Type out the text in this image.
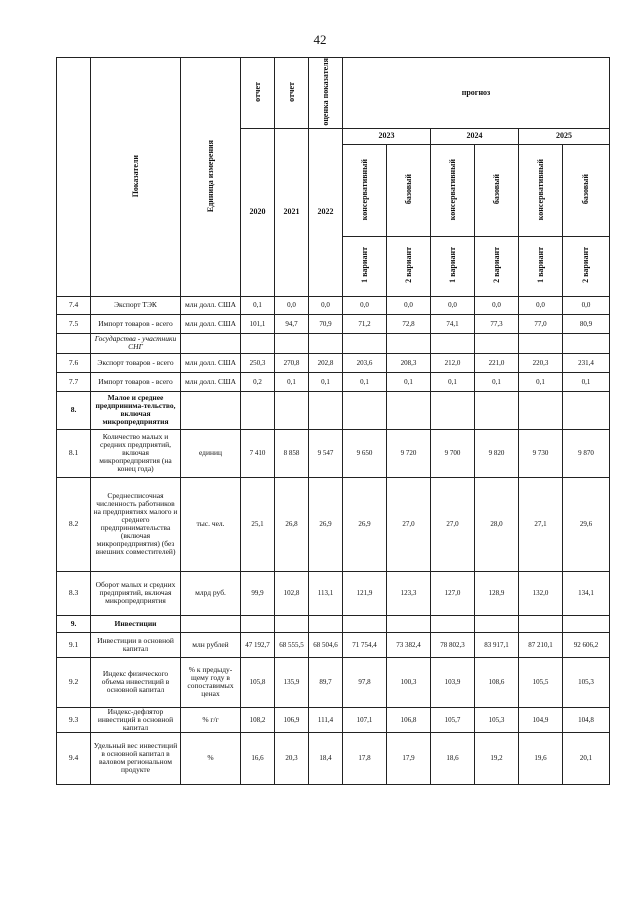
42
	Показатели	Единица измерения	отчет	отчет	оценка показателя	прогноз					
			2020	2021	2022	2023		2024		2025	
						консервативный	базовый	консервативный	базовый	консервативный	базовый
						1 вариант	2 вариант	1 вариант	2 вариант	1 вариант	2 вариант
7.4	Экспорт ТЭК	млн долл. США	0,1	0,0	0,0	0,0	0,0	0,0	0,0	0,0	0,0
7.5	Импорт товаров - всего	млн долл. США	101,1	94,7	70,9	71,2	72,8	74,1	77,3	77,0	80,9
	Государства - участники СНГ										
7.6	Экспорт товаров - всего	млн долл. США	250,3	270,8	202,8	203,6	208,3	212,0	221,0	220,3	231,4
7.7	Импорт товаров - всего	млн долл. США	0,2	0,1	0,1	0,1	0,1	0,1	0,1	0,1	0,1
8.	Малое и среднее предпринима-тельство, включая микропредприятия										
8.1	Количество малых и средних предприятий, включая микропредприятия (на конец года)	единиц	7 410	8 858	9 547	9 650	9 720	9 700	9 820	9 730	9 870
8.2	Среднесписочная численность работников на предприятиях малого и среднего предпринимательства (включая микропредприятия) (без внешних совместителей)	тыс. чел.	25,1	26,8	26,9	26,9	27,0	27,0	28,0	27,1	29,6
8.3	Оборот малых и средних предприятий, включая микропредприятия	млрд руб.	99,9	102,8	113,1	121,9	123,3	127,0	128,9	132,0	134,1
9.	Инвестиции										
9.1	Инвестиции в основной капитал	млн рублей	47 192,7	68 555,5	68 504,6	71 754,4	73 382,4	78 802,3	83 917,1	87 210,1	92 606,2
9.2	Индекс физического объема инвестиций в основной капитал	% к предыду-щему году в сопоставимых ценах	105,8	135,9	89,7	97,8	100,3	103,9	108,6	105,5	105,3
9.3	Индекс-дефлятор инвестиций в основной капитал	% г/г	108,2	106,9	111,4	107,1	106,8	105,7	105,3	104,9	104,8
9.4	Удельный вес инвестиций в основной капитал в валовом региональном продукте	%	16,6	20,3	18,4	17,8	17,9	18,6	19,2	19,6	20,1
